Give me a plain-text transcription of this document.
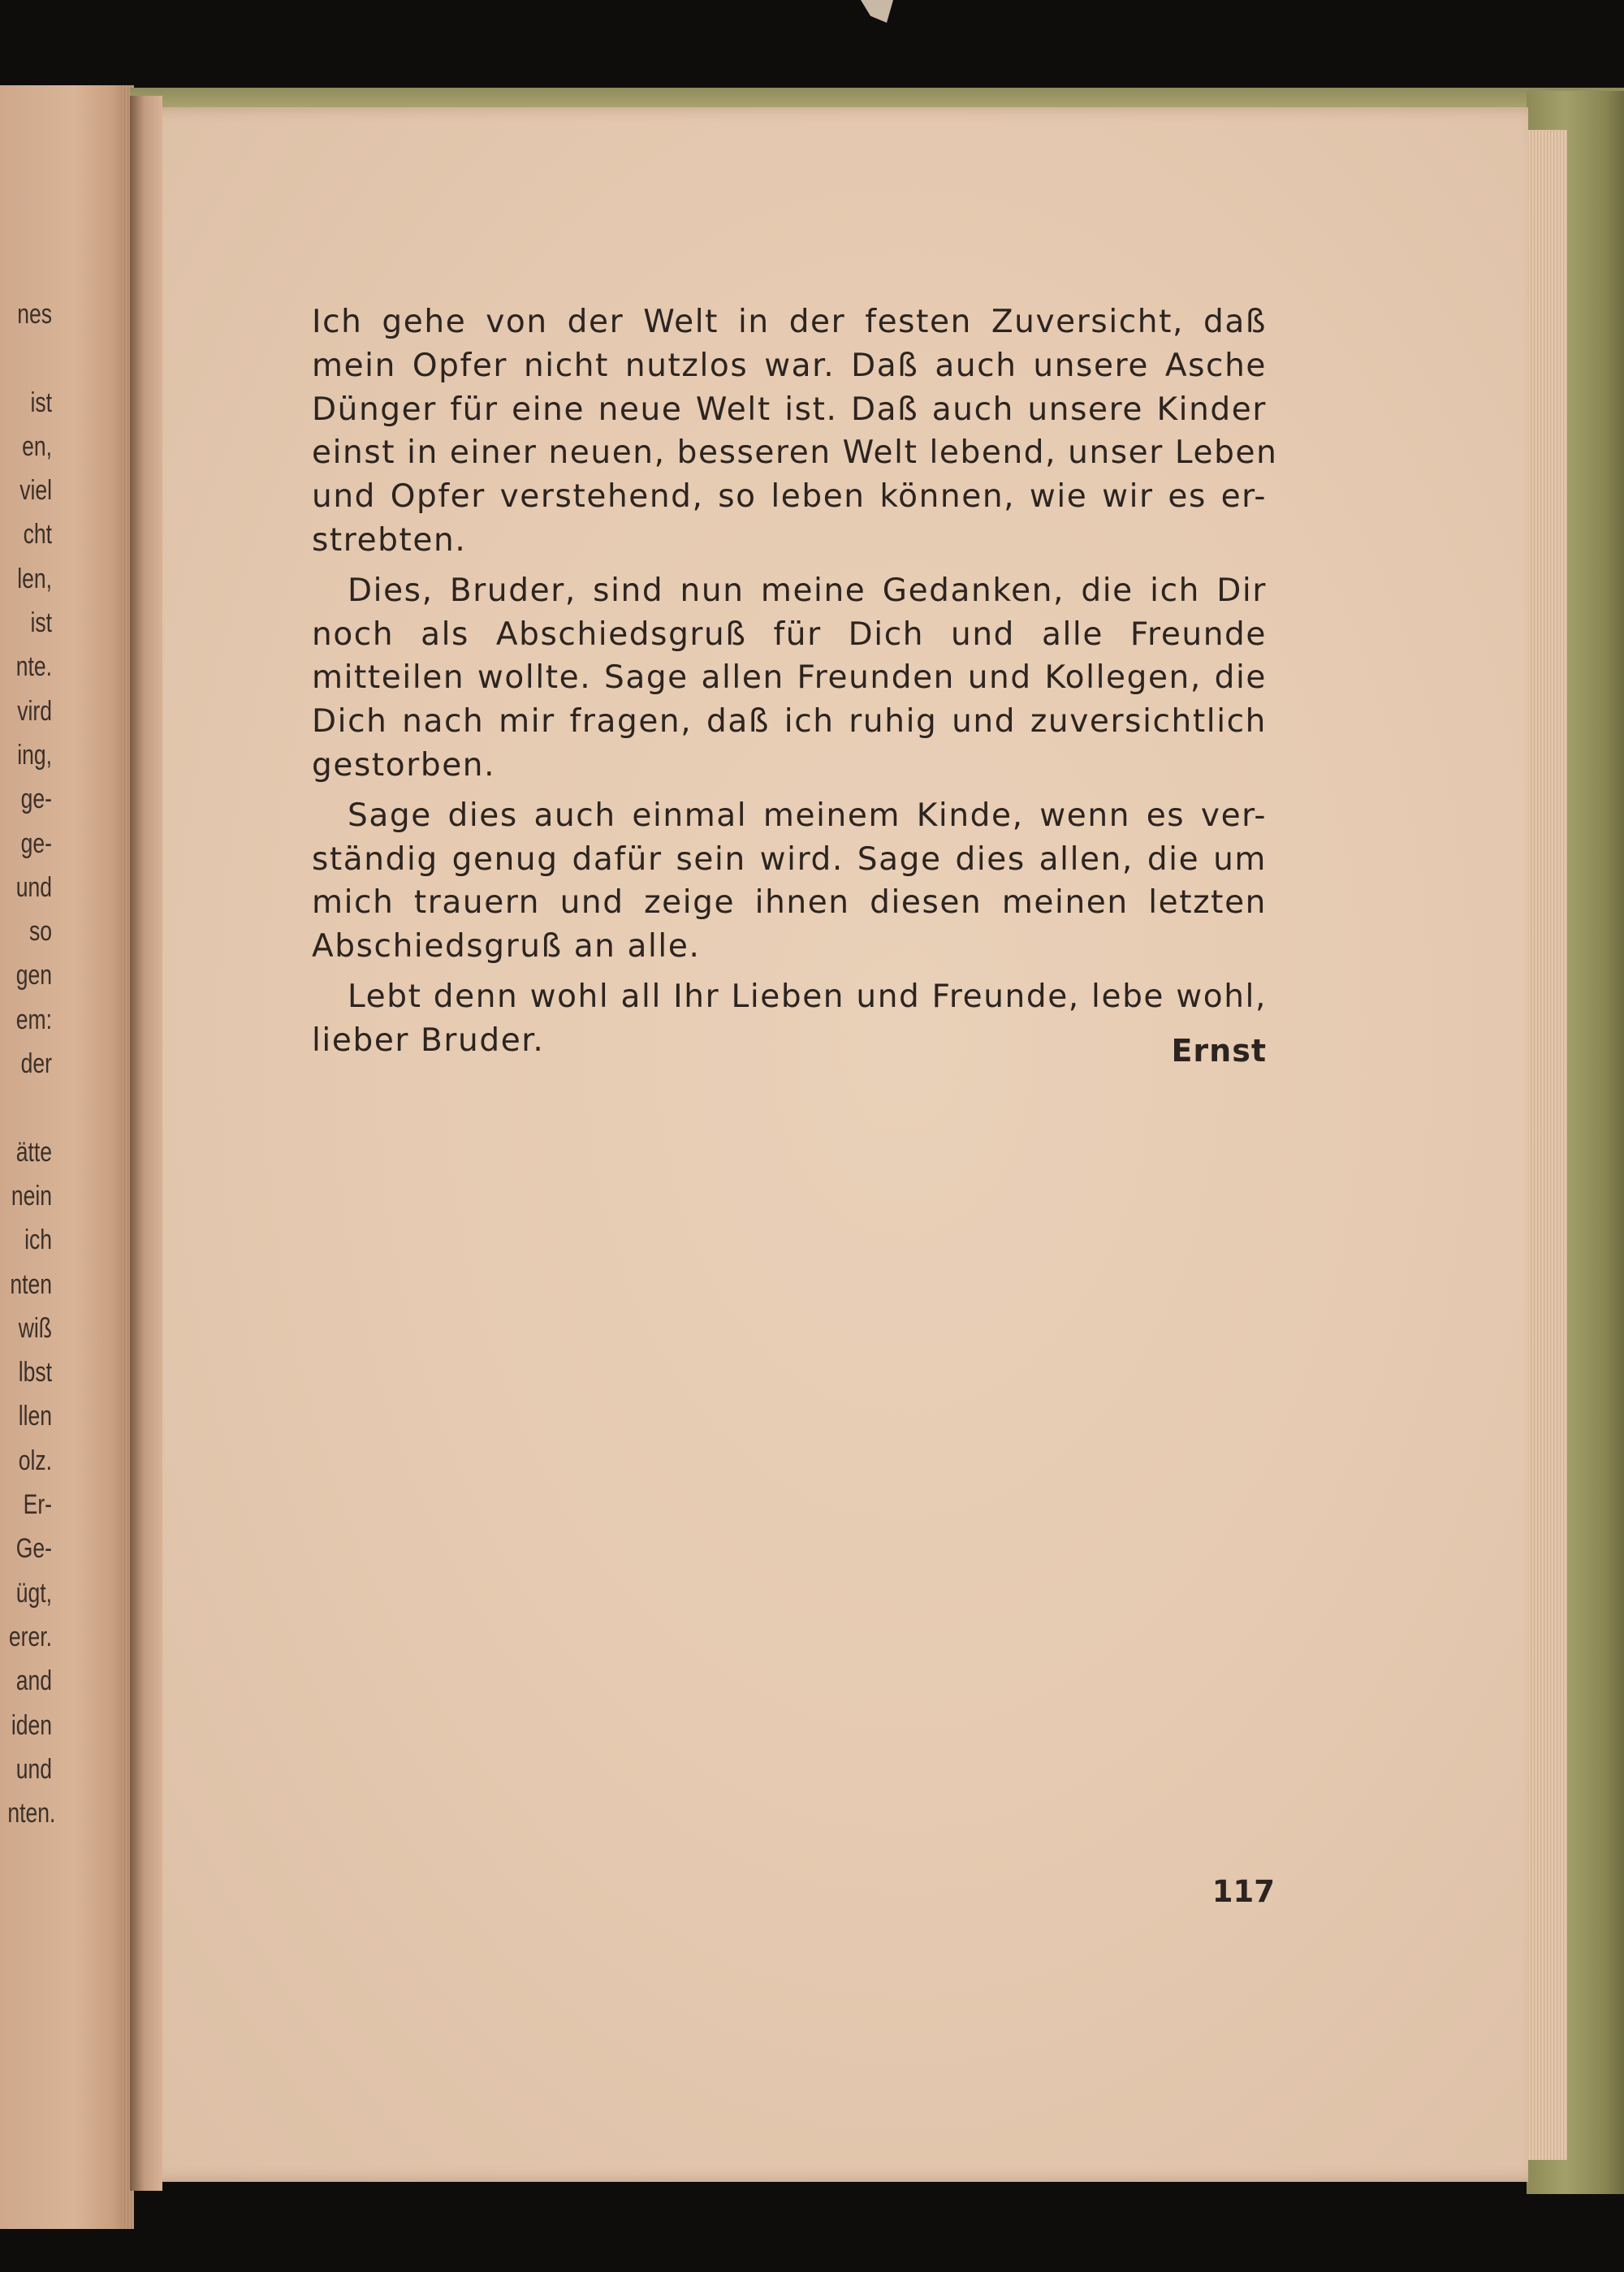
nes
ist
en,
viel
cht
len,
ist
nte.
vird
ing,
ge-
ge-
und
so
gen
em:
der
ätte
nein
ich
nten
wiß
lbst
llen
olz.
Er-
Ge-
ügt,
erer.
and
iden
und
nten.
Ich gehe von der Welt in der festen Zuversicht, daß
mein Opfer nicht nutzlos war. Daß auch unsere Asche
Dünger für eine neue Welt ist. Daß auch unsere Kinder
einst in einer neuen, besseren Welt lebend, unser Leben
und Opfer verstehend, so leben können, wie wir es er-
strebten.
Dies, Bruder, sind nun meine Gedanken, die ich Dir
noch als Abschiedsgruß für Dich und alle Freunde
mitteilen wollte. Sage allen Freunden und Kollegen, die
Dich nach mir fragen, daß ich ruhig und zuversichtlich
gestorben.
Sage dies auch einmal meinem Kinde, wenn es ver-
ständig genug dafür sein wird. Sage dies allen, die um
mich trauern und zeige ihnen diesen meinen letzten
Abschiedsgruß an alle.
Lebt denn wohl all Ihr Lieben und Freunde, lebe wohl,
lieber Bruder.	Ernst
117
